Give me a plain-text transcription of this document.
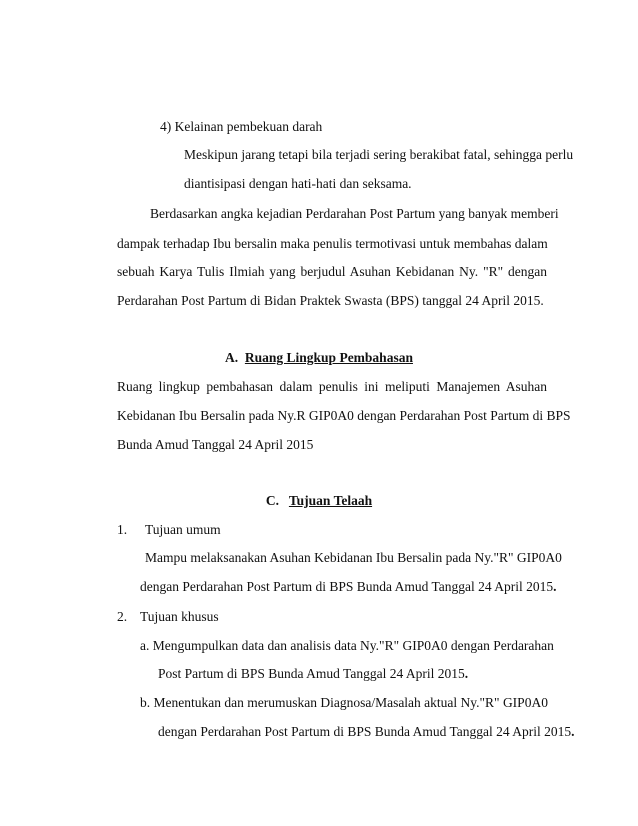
4) Kelainan pembekuan darah
Meskipun jarang tetapi bila terjadi sering berakibat fatal, sehingga perlu
diantisipasi dengan hati-hati dan seksama.
Berdasarkan angka kejadian Perdarahan Post Partum yang banyak memberi
dampak terhadap Ibu bersalin maka penulis termotivasi untuk membahas dalam
sebuah Karya Tulis Ilmiah yang berjudul Asuhan Kebidanan Ny. "R" dengan
Perdarahan Post Partum di Bidan Praktek Swasta (BPS) tanggal 24 April 2015.
A. Ruang Lingkup Pembahasan
Ruang lingkup pembahasan dalam penulis ini meliputi Manajemen Asuhan
Kebidanan Ibu Bersalin pada Ny.R GIP0A0 dengan Perdarahan Post Partum di BPS
Bunda Amud Tanggal 24 April 2015
C. Tujuan Telaah
1. Tujuan umum
Mampu melaksanakan Asuhan Kebidanan Ibu Bersalin pada Ny."R" GIP0A0
dengan Perdarahan Post Partum di BPS Bunda Amud Tanggal 24 April 2015.
2. Tujuan khusus
a. Mengumpulkan data dan analisis data Ny."R" GIP0A0 dengan Perdarahan
Post Partum di BPS Bunda Amud Tanggal 24 April 2015.
b. Menentukan dan merumuskan Diagnosa/Masalah aktual Ny."R" GIP0A0
dengan Perdarahan Post Partum di BPS Bunda Amud Tanggal 24 April 2015.
